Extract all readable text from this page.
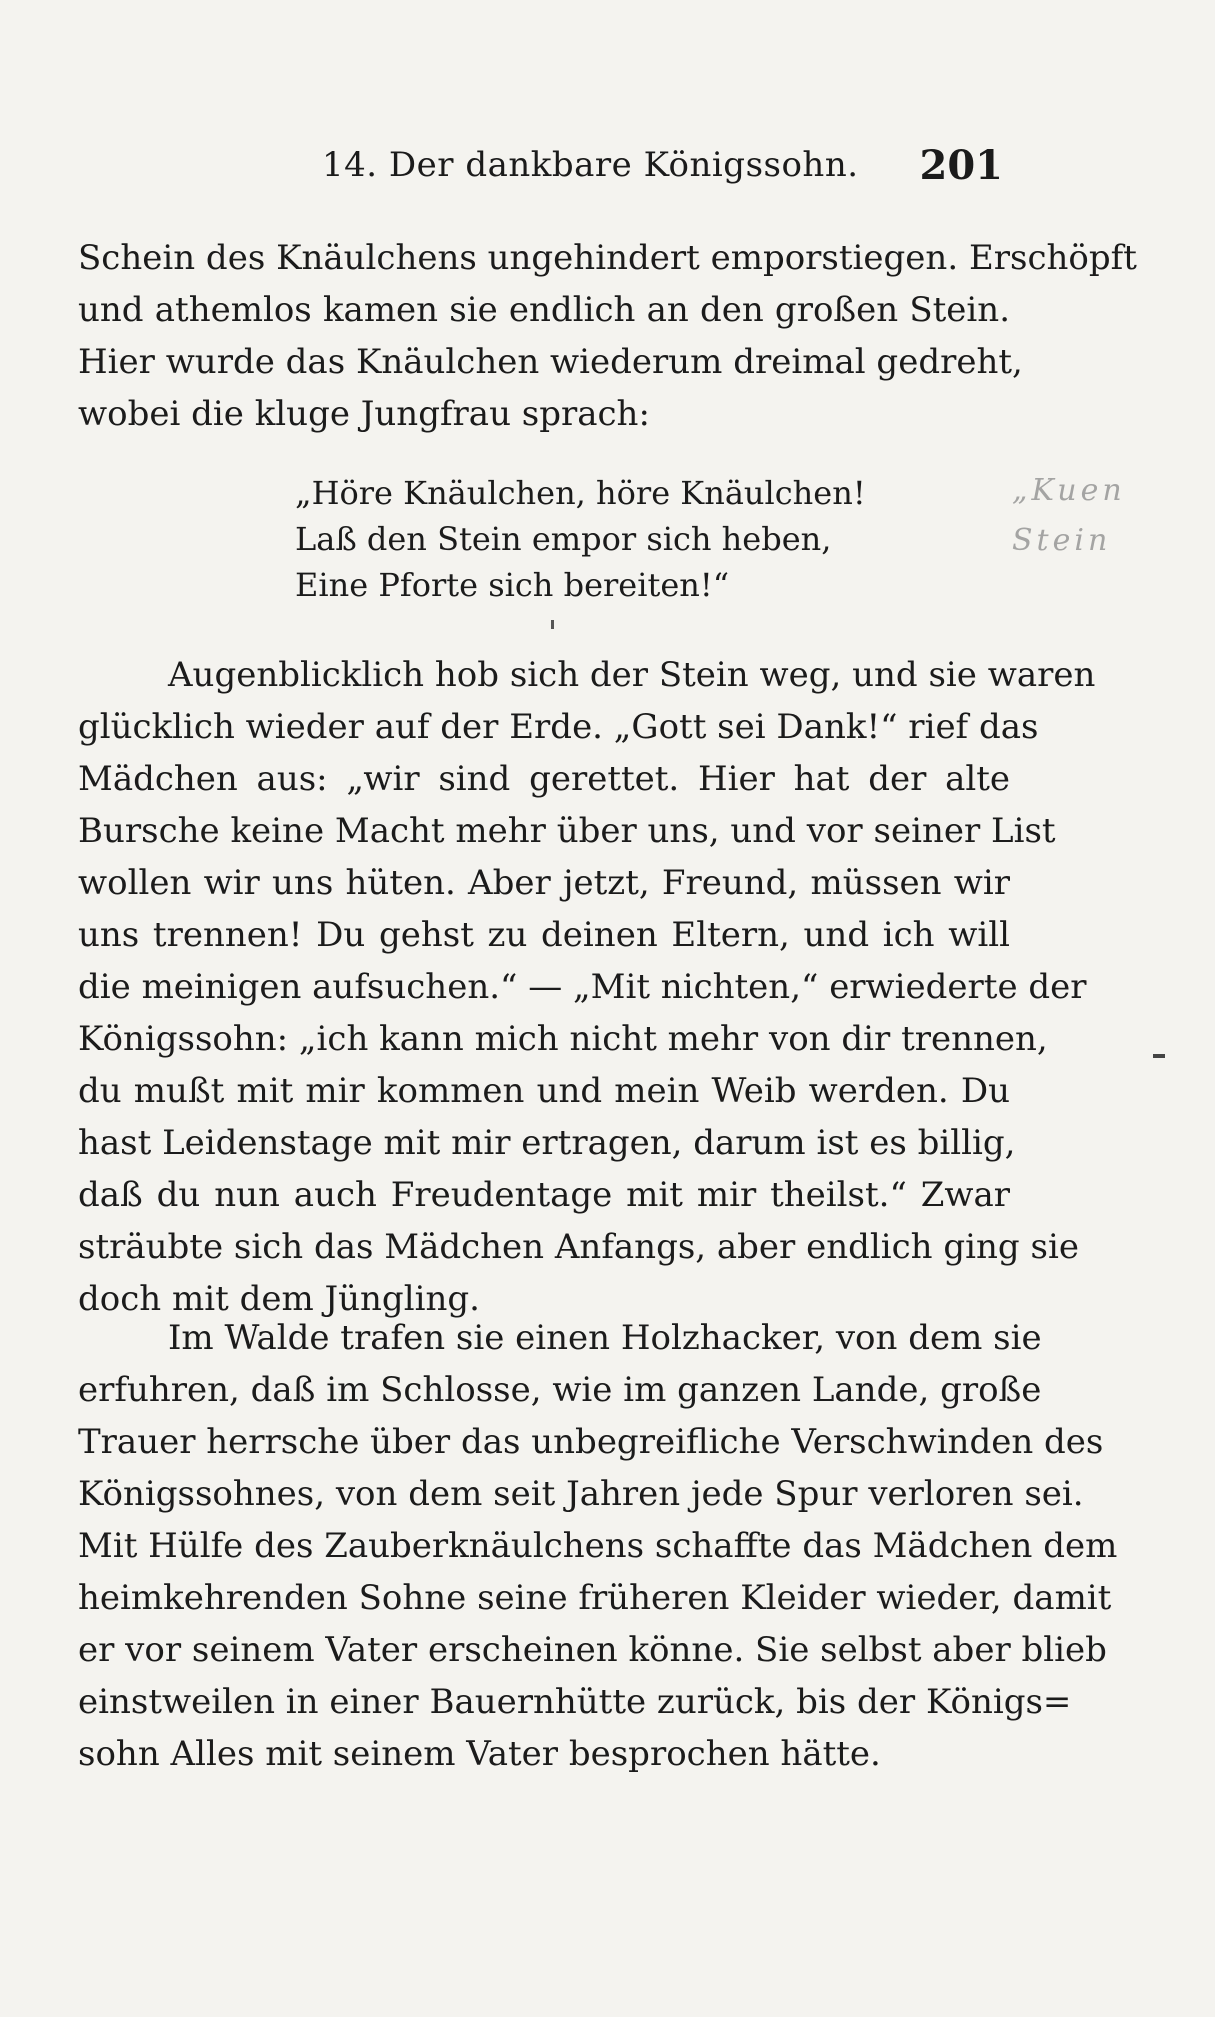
14. Der dankbare Königssohn. 201
Schein des Knäulchens ungehindert emporstiegen. Erschöpft
und athemlos kamen sie endlich an den großen Stein.
Hier wurde das Knäulchen wiederum dreimal gedreht,
wobei die kluge Jungfrau sprach:
„Höre Knäulchen, höre Knäulchen!
Laß den Stein empor sich heben,
Eine Pforte sich bereiten!“
„Kuen
Stein
Augenblicklich hob sich der Stein weg, und sie waren
glücklich wieder auf der Erde. „Gott sei Dank!“ rief das
Mädchen aus: „wir sind gerettet. Hier hat der alte
Bursche keine Macht mehr über uns, und vor seiner List
wollen wir uns hüten. Aber jetzt, Freund, müssen wir
uns trennen! Du gehst zu deinen Eltern, und ich will
die meinigen aufsuchen.“ — „Mit nichten,“ erwiederte der
Königssohn: „ich kann mich nicht mehr von dir trennen,
du mußt mit mir kommen und mein Weib werden. Du
hast Leidenstage mit mir ertragen, darum ist es billig,
daß du nun auch Freudentage mit mir theilst.“ Zwar
sträubte sich das Mädchen Anfangs, aber endlich ging sie
doch mit dem Jüngling.
Im Walde trafen sie einen Holzhacker, von dem sie
erfuhren, daß im Schlosse, wie im ganzen Lande, große
Trauer herrsche über das unbegreifliche Verschwinden des
Königssohnes, von dem seit Jahren jede Spur verloren sei.
Mit Hülfe des Zauberknäulchens schaffte das Mädchen dem
heimkehrenden Sohne seine früheren Kleider wieder, damit
er vor seinem Vater erscheinen könne. Sie selbst aber blieb
einstweilen in einer Bauernhütte zurück, bis der Königs=
sohn Alles mit seinem Vater besprochen hätte.
